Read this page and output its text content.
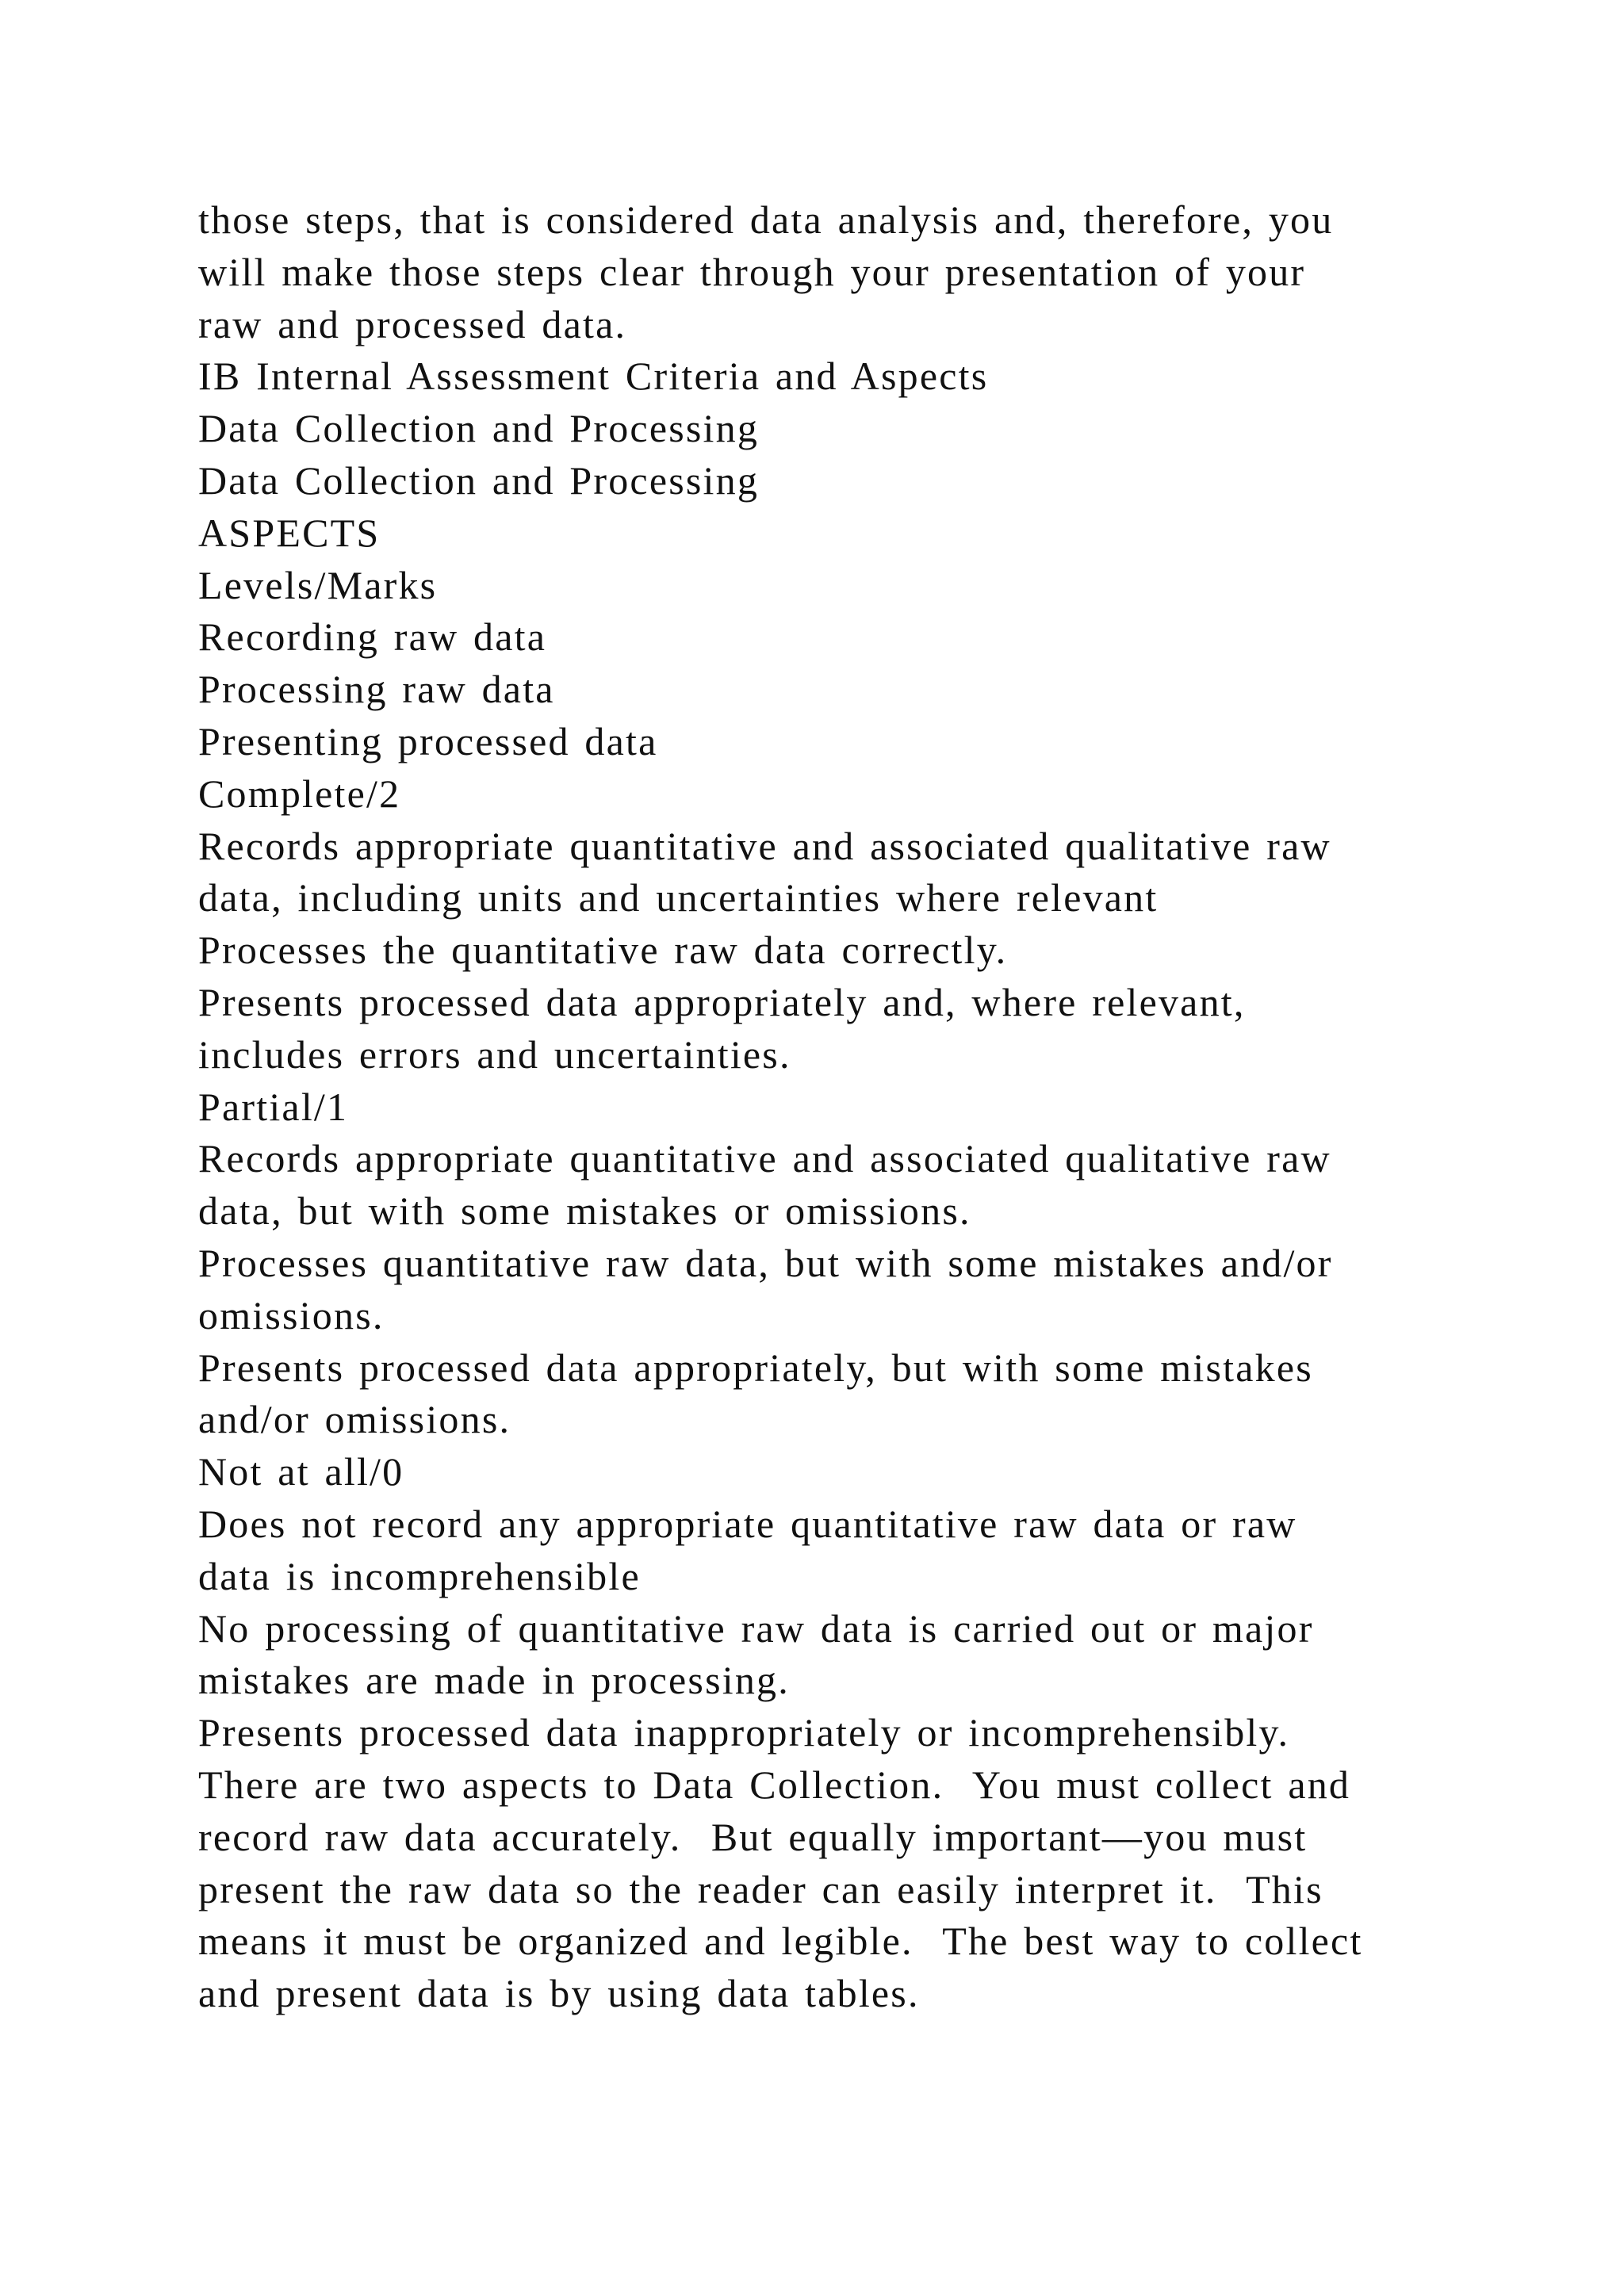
those steps, that is considered data analysis and, therefore, you
will make those steps clear through your presentation of your
raw and processed data.
IB Internal Assessment Criteria and Aspects
Data Collection and Processing
Data Collection and Processing
ASPECTS
Levels/Marks
Recording raw data
Processing raw data
Presenting processed data
Complete/2
Records appropriate quantitative and associated qualitative raw
data, including units and uncertainties where relevant
Processes the quantitative raw data correctly.
Presents processed data appropriately and, where relevant,
includes errors and uncertainties.
Partial/1
Records appropriate quantitative and associated qualitative raw
data, but with some mistakes or omissions.
Processes quantitative raw data, but with some mistakes and/or
omissions.
Presents processed data appropriately, but with some mistakes
and/or omissions.
Not at all/0
Does not record any appropriate quantitative raw data or raw
data is incomprehensible
No processing of quantitative raw data is carried out or major
mistakes are made in processing.
Presents processed data inappropriately or incomprehensibly.
There are two aspects to Data Collection.  You must collect and
record raw data accurately.  But equally important—you must
present the raw data so the reader can easily interpret it.  This
means it must be organized and legible.  The best way to collect
and present data is by using data tables.
